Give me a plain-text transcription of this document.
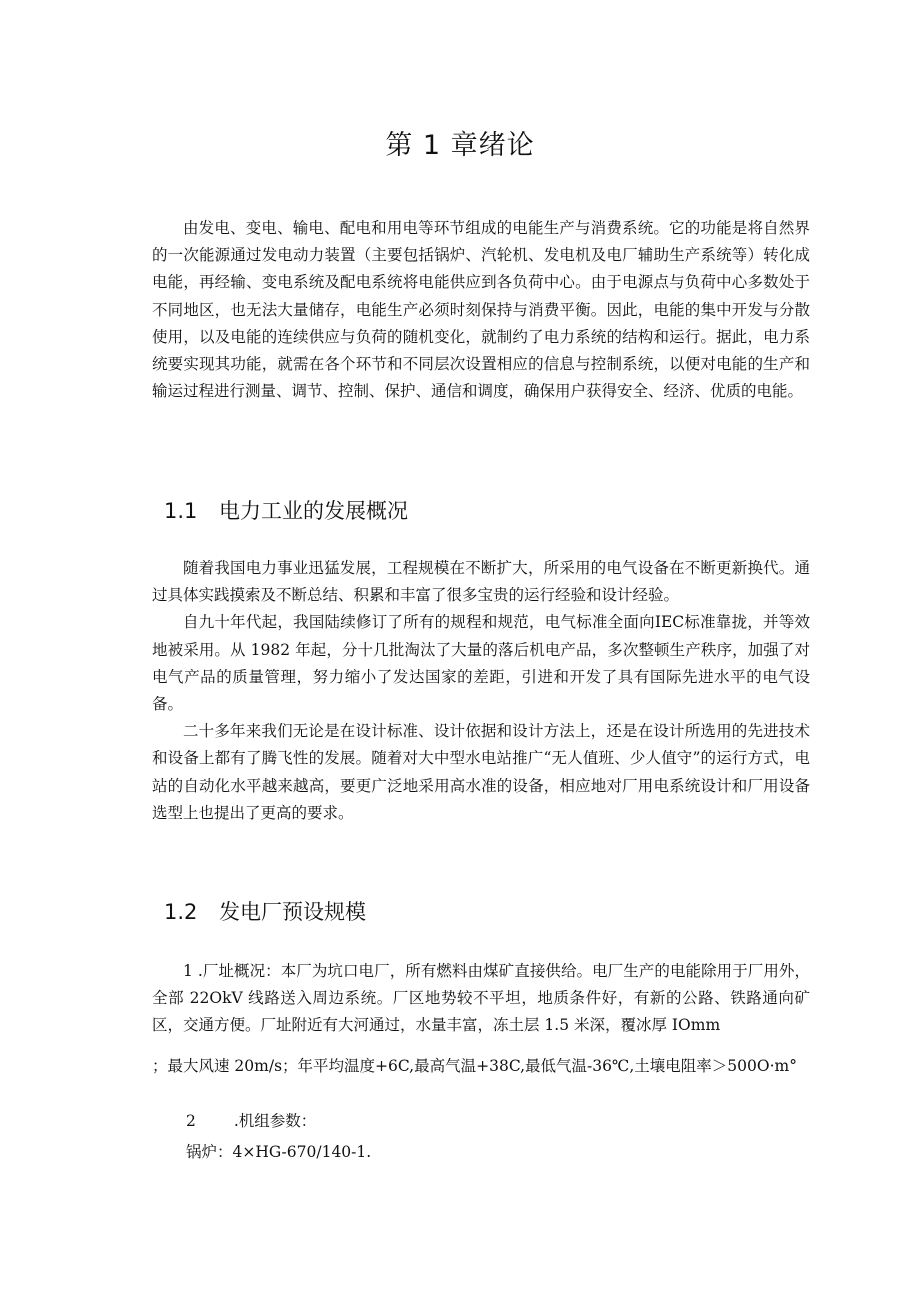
第 1 章绪论

由发电、变电、输电、配电和用电等环节组成的电能生产与消费系统。它的功能是将自然界的一次能源通过发电动力装置（主要包括锅炉、汽轮机、发电机及电厂辅助生产系统等）转化成电能，再经输、变电系统及配电系统将电能供应到各负荷中心。由于电源点与负荷中心多数处于不同地区，也无法大量储存，电能生产必须时刻保持与消费平衡。因此，电能的集中开发与分散使用，以及电能的连续供应与负荷的随机变化，就制约了电力系统的结构和运行。据此，电力系统要实现其功能，就需在各个环节和不同层次设置相应的信息与控制系统，以便对电能的生产和输运过程进行测量、调节、控制、保护、通信和调度，确保用户获得安全、经济、优质的电能。

1.1 电力工业的发展概况

随着我国电力事业迅猛发展，工程规模在不断扩大，所采用的电气设备在不断更新换代。通过具体实践摸索及不断总结、积累和丰富了很多宝贵的运行经验和设计经验。

自九十年代起，我国陆续修订了所有的规程和规范，电气标准全面向IEC标准靠拢，并等效地被采用。从 1982 年起，分十几批淘汰了大量的落后机电产品，多次整顿生产秩序，加强了对电气产品的质量管理，努力缩小了发达国家的差距，引进和开发了具有国际先进水平的电气设备。

二十多年来我们无论是在设计标准、设计依据和设计方法上，还是在设计所选用的先进技术和设备上都有了腾飞性的发展。随着对大中型水电站推广“无人值班、少人值守”的运行方式，电站的自动化水平越来越高，要更广泛地采用高水准的设备，相应地对厂用电系统设计和厂用设备选型上也提出了更高的要求。

1.2 发电厂预设规模

1 .厂址概况：本厂为坑口电厂，所有燃料由煤矿直接供给。电厂生产的电能除用于厂用外，全部 22OkV 线路送入周边系统。厂区地势较不平坦，地质条件好，有新的公路、铁路通向矿区，交通方便。厂址附近有大河通过，水量丰富，冻土层 1.5 米深，覆冰厚 IOmm

；最大风速 20m/s；年平均温度+6C,最高气温+38C,最低气温-36℃,土壤电阻率＞500O·m°
2 .机组参数：
锅炉：4×HG-670/140-1.
